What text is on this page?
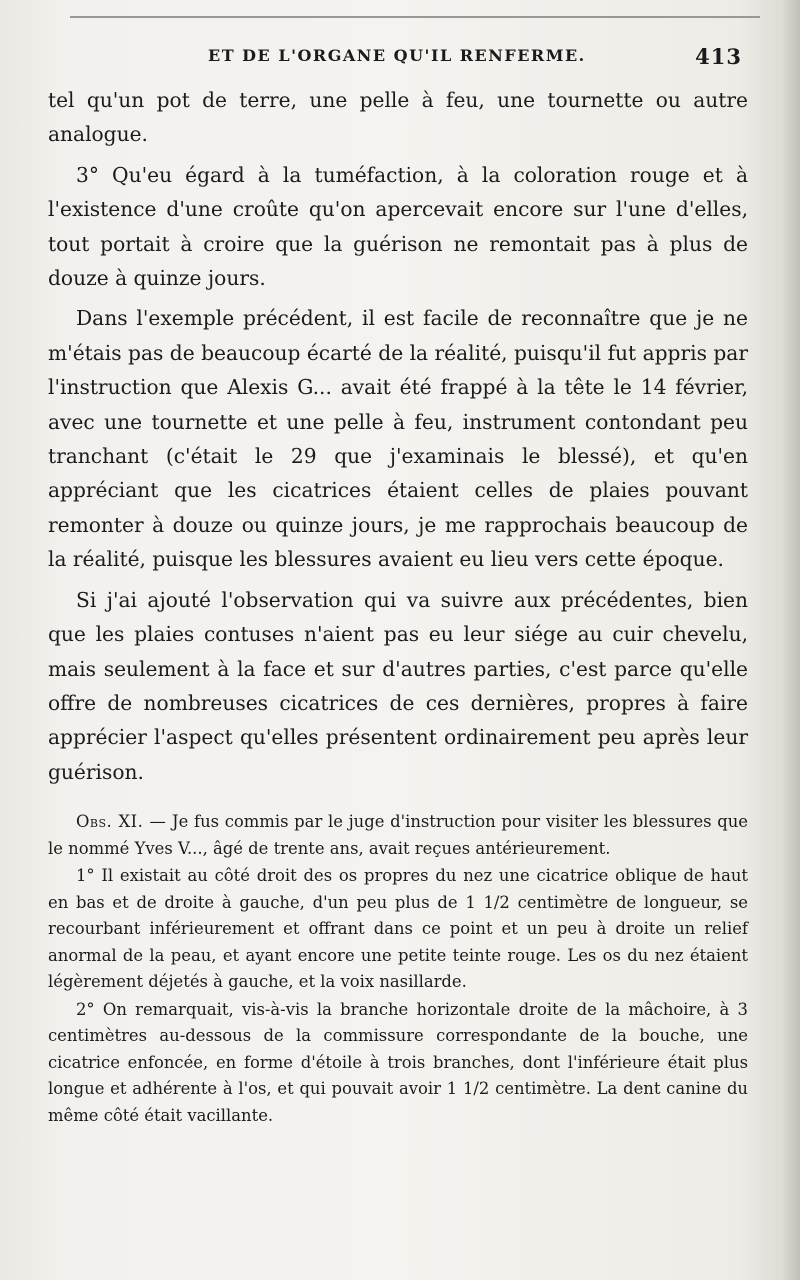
ET DE L'ORGANE QU'IL RENFERME.	413

tel qu'un pot de terre, une pelle à feu, une tournette ou autre analogue.

3° Qu'eu égard à la tuméfaction, à la coloration rouge et à l'existence d'une croûte qu'on apercevait encore sur l'une d'elles, tout portait à croire que la guérison ne remontait pas à plus de douze à quinze jours.

Dans l'exemple précédent, il est facile de reconnaître que je ne m'étais pas de beaucoup écarté de la réalité, puisqu'il fut appris par l'instruction que Alexis G... avait été frappé à la tête le 14 février, avec une tournette et une pelle à feu, instrument contondant peu tranchant (c'était le 29 que j'examinais le blessé), et qu'en appréciant que les cicatrices étaient celles de plaies pouvant remonter à douze ou quinze jours, je me rapprochais beaucoup de la réalité, puisque les blessures avaient eu lieu vers cette époque.

Si j'ai ajouté l'observation qui va suivre aux précédentes, bien que les plaies contuses n'aient pas eu leur siége au cuir chevelu, mais seulement à la face et sur d'autres parties, c'est parce qu'elle offre de nombreuses cicatrices de ces dernières, propres à faire apprécier l'aspect qu'elles présentent ordinairement peu après leur guérison.

Obs. XI. — Je fus commis par le juge d'instruction pour visiter les blessures que le nommé Yves V..., âgé de trente ans, avait reçues antérieurement.

1° Il existait au côté droit des os propres du nez une cicatrice oblique de haut en bas et de droite à gauche, d'un peu plus de 1 1/2 centimètre de longueur, se recourbant inférieurement et offrant dans ce point et un peu à droite un relief anormal de la peau, et ayant encore une petite teinte rouge. Les os du nez étaient légèrement déjetés à gauche, et la voix nasillarde.

2° On remarquait, vis-à-vis la branche horizontale droite de la mâchoire, à 3 centimètres au-dessous de la commissure correspondante de la bouche, une cicatrice enfoncée, en forme d'étoile à trois branches, dont l'inférieure était plus longue et adhérente à l'os, et qui pouvait avoir 1 1/2 centimètre. La dent canine du même côté était vacillante.
